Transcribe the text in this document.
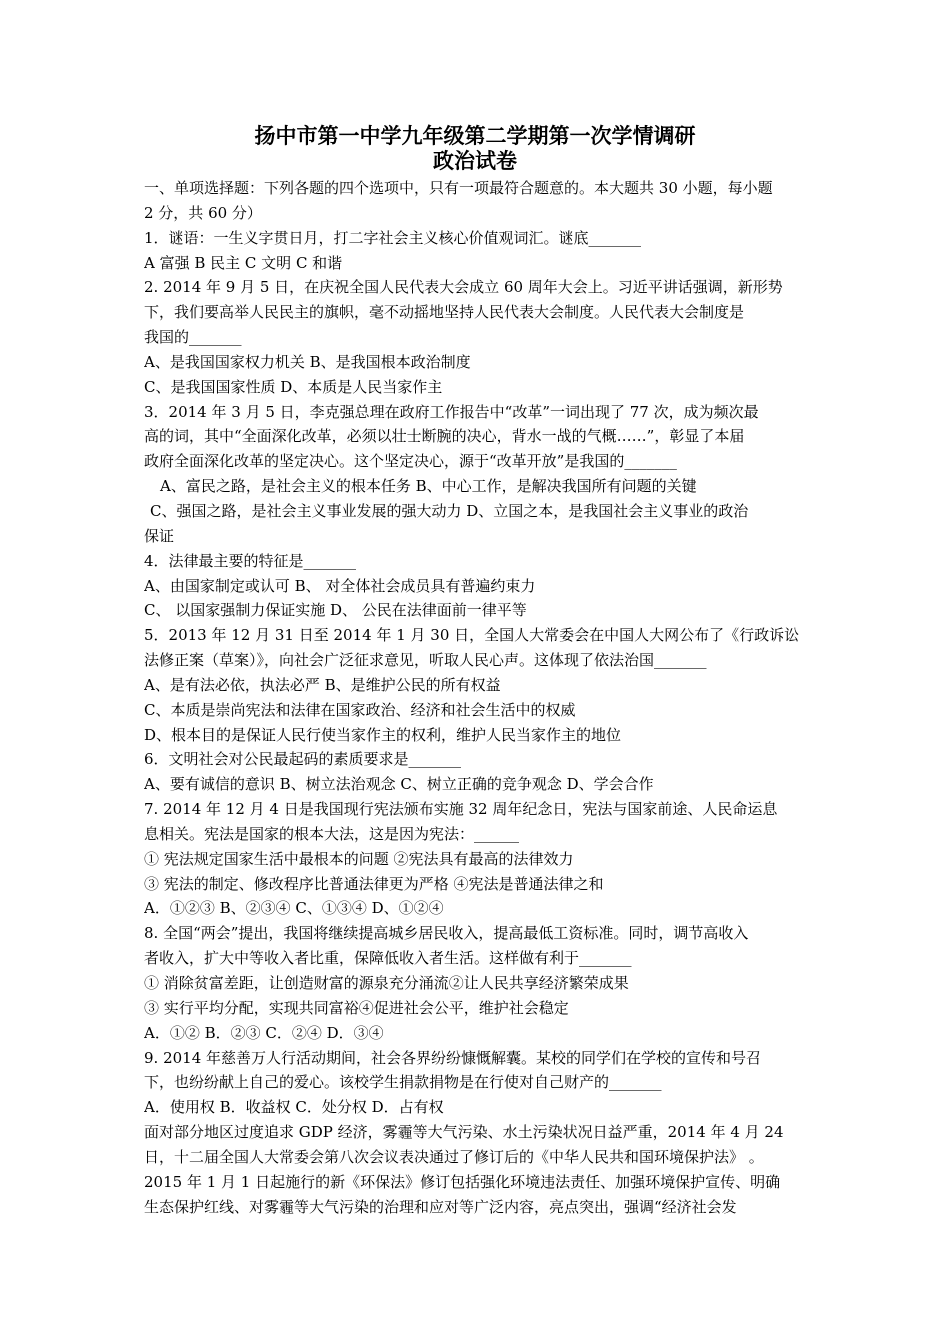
扬中市第一中学九年级第二学期第一次学情调研
政治试卷
一、单项选择题：下列各题的四个选项中，只有一项最符合题意的。本大题共 30 小题，每小题
2 分，共 60 分）
1．谜语：一生义字贯日月，打二字社会主义核心价值观词汇。谜底_______
A 富强 B 民主 C 文明 C 和谐
2. 2014 年 9 月 5 日，在庆祝全国人民代表大会成立 60 周年大会上。习近平讲话强调，新形势
下，我们要高举人民民主的旗帜，毫不动摇地坚持人民代表大会制度。人民代表大会制度是
我国的_______
A、是我国国家权力机关 B、是我国根本政治制度
C、是我国国家性质 D、本质是人民当家作主
3．2014 年 3 月 5 日，李克强总理在政府工作报告中“改革”一词出现了 77 次，成为频次最
高的词，其中“全面深化改革，必须以壮士断腕的决心，背水一战的气概……”，彰显了本届
政府全面深化改革的坚定决心。这个坚定决心，源于“改革开放”是我国的_______
A、富民之路，是社会主义的根本任务 B、中心工作，是解决我国所有问题的关键
C、强国之路，是社会主义事业发展的强大动力 D、立国之本，是我国社会主义事业的政治
保证
4．法律最主要的特征是_______
A、由国家制定或认可 B、 对全体社会成员具有普遍约束力
C、 以国家强制力保证实施 D、 公民在法律面前一律平等
5．2013 年 12 月 31 日至 2014 年 1 月 30 日，全国人大常委会在中国人大网公布了《行政诉讼
法修正案（草案）》，向社会广泛征求意见，听取人民心声。这体现了依法治国_______
A、是有法必依，执法必严 B、是维护公民的所有权益
C、本质是崇尚宪法和法律在国家政治、经济和社会生活中的权威
D、根本目的是保证人民行使当家作主的权利，维护人民当家作主的地位
6．文明社会对公民最起码的素质要求是_______
A、要有诚信的意识 B、树立法治观念 C、树立正确的竞争观念 D、学会合作
7. 2014 年 12 月 4 日是我国现行宪法颁布实施 32 周年纪念日，宪法与国家前途、人民命运息
息相关。宪法是国家的根本大法，这是因为宪法：______
① 宪法规定国家生活中最根本的问题 ②宪法具有最高的法律效力
③ 宪法的制定、修改程序比普通法律更为严格 ④宪法是普通法律之和
A．①②③ B、②③④ C、①③④ D、①②④
8. 全国“两会”提出，我国将继续提高城乡居民收入，提高最低工资标准。同时，调节高收入
者收入，扩大中等收入者比重，保障低收入者生活。这样做有利于_______
① 消除贫富差距，让创造财富的源泉充分涌流②让人民共享经济繁荣成果
③ 实行平均分配，实现共同富裕④促进社会公平，维护社会稳定
A．①② B．②③ C．②④ D．③④
9. 2014 年慈善万人行活动期间，社会各界纷纷慷慨解囊。某校的同学们在学校的宣传和号召
下，也纷纷献上自己的爱心。该校学生捐款捐物是在行使对自己财产的_______
A．使用权 B．收益权 C．处分权 D．占有权
面对部分地区过度追求 GDP 经济，雾霾等大气污染、水土污染状况日益严重，2014 年 4 月 24
日，十二届全国人大常委会第八次会议表决通过了修订后的《中华人民共和国环境保护法》 。
2015 年 1 月 1 日起施行的新《环保法》修订包括强化环境违法责任、加强环境保护宣传、明确
生态保护红线、对雾霾等大气污染的治理和应对等广泛内容，亮点突出，强调“经济社会发
